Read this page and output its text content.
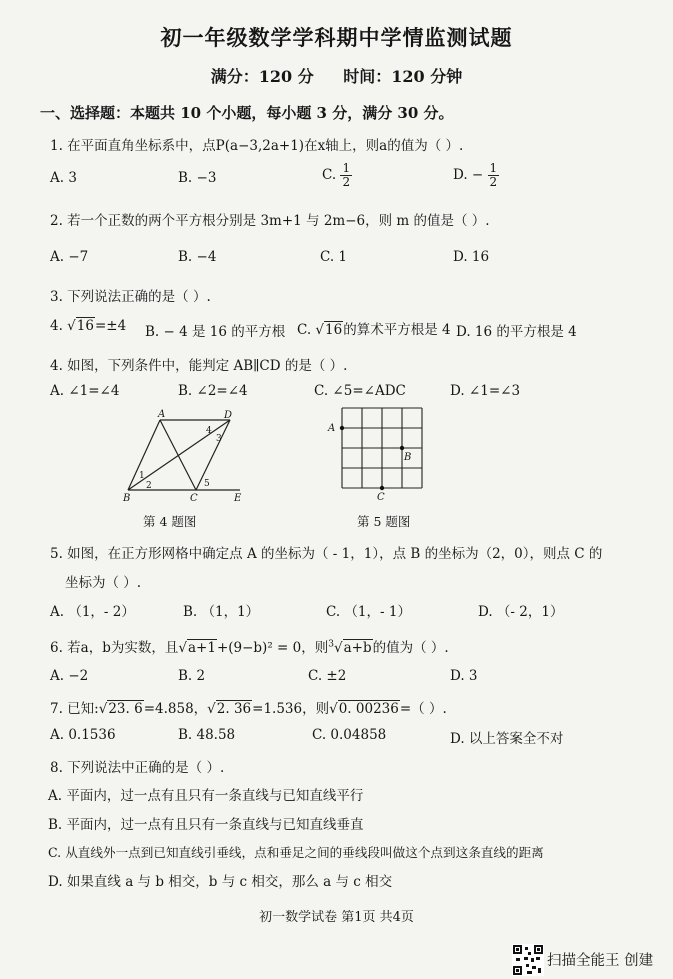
初一年级数学学科期中学情监测试题
满分：120 分 时间：120 分钟
一、选择题：本题共 10 个小题，每小题 3 分，满分 30 分。
1. 在平面直角坐标系中，点P(a−3,2a+1)在x轴上，则a的值为（ ）.
A. 3	B. −3	C. $\frac{1}{2}$	D. − $\frac{1}{2}$
2. 若一个正数的两个平方根分别是 3m+1 与 2m−6，则 m 的值是（ ）.
A. −7	B. −4	C. 1	D. 16
3. 下列说法正确的是（ ）.
4. √16=±4 B. − 4 是 16 的平方根 C. √16的算术平方根是 4 D. 16 的平方根是 4
4. 如图，下列条件中，能判定 AB∥CD 的是（ ）.
A. ∠1=∠4	B. ∠2=∠4	C. ∠5=∠ADC	D. ∠1=∠3
A	D
B	C	E
1
2
3
4
5
第 4 题图
A
B
C
第 5 题图
5. 如图，在正方形网格中确定点 A 的坐标为（ - 1，1），点 B 的坐标为（2，0），则点 C 的
坐标为（ ）.
A. （1，- 2）	B. （1，1）	C. （1，- 1）	D. （- 2，1）
6. 若a，b为实数，且√a+1+(9−b)² = 0，则$^3$√a+b的值为（ ）.
A. −2	B. 2	C. ±2	D. 3
7. 已知:√23. 6=4.858，√2. 36=1.536，则√0. 00236=（ ）.
A. 0.1536	B. 48.58	C. 0.04858	D. 以上答案全不对
8. 下列说法中正确的是（ ）.
A. 平面内，过一点有且只有一条直线与已知直线平行
B. 平面内，过一点有且只有一条直线与已知直线垂直
C. 从直线外一点到已知直线引垂线，点和垂足之间的垂线段叫做这个点到这条直线的距离
D. 如果直线 a 与 b 相交，b 与 c 相交，那么 a 与 c 相交
初一数学试卷 第1页 共4页
扫描全能王 创建
